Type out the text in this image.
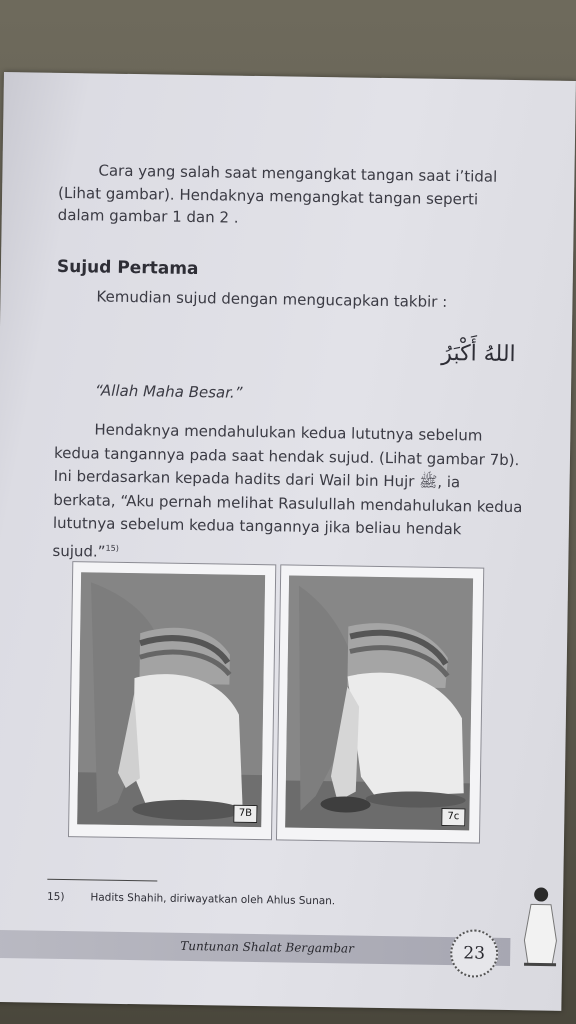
Cara yang salah saat mengangkat tangan saat i’tidal (Lihat gambar). Hendaknya mengangkat tangan seperti dalam gambar 1 dan 2 .

Sujud Pertama

Kemudian sujud dengan mengucapkan takbir :

اللهُ أَكْبَرُ

“Allah Maha Besar.”

Hendaknya mendahulukan kedua lututnya sebelum kedua tangannya pada saat hendak sujud. (Lihat gambar 7b). Ini berdasarkan kepada hadits dari Wail bin Hujr ﷺ, ia berkata, “Aku pernah melihat Rasulullah mendahulukan kedua lututnya sebelum kedua tangannya jika beliau hendak sujud.”$^{15)}$

7B	7c
15) Hadits Shahih, diriwayatkan oleh Ahlus Sunan.
Tuntunan Shalat Bergambar	23
